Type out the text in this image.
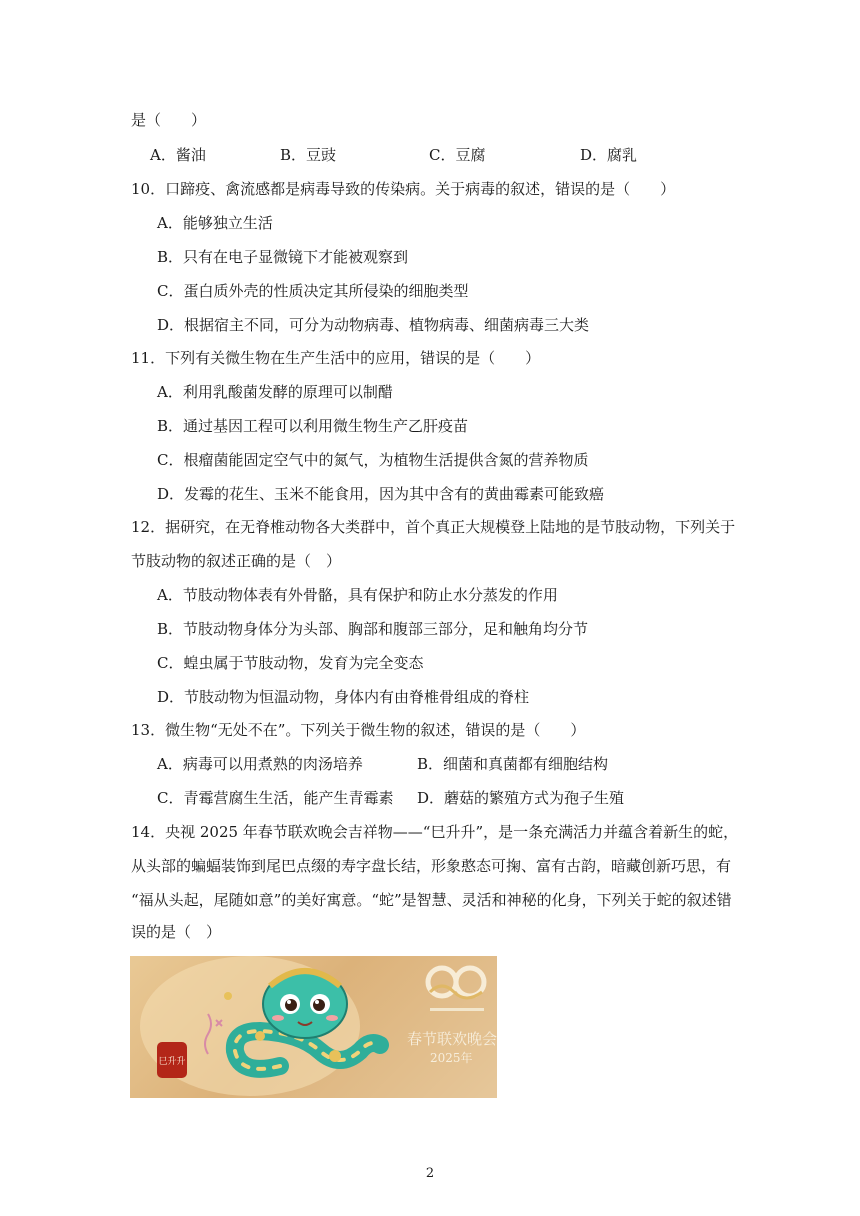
是（　　）
A．酱油	B．豆豉	C．豆腐	D．腐乳
10．口蹄疫、禽流感都是病毒导致的传染病。关于病毒的叙述，错误的是（　　）
A．能够独立生活
B．只有在电子显微镜下才能被观察到
C．蛋白质外壳的性质决定其所侵染的细胞类型
D．根据宿主不同，可分为动物病毒、植物病毒、细菌病毒三大类
11．下列有关微生物在生产生活中的应用，错误的是（　　）
A．利用乳酸菌发酵的原理可以制醋
B．通过基因工程可以利用微生物生产乙肝疫苗
C．根瘤菌能固定空气中的氮气，为植物生活提供含氮的营养物质
D．发霉的花生、玉米不能食用，因为其中含有的黄曲霉素可能致癌
12．据研究，在无脊椎动物各大类群中，首个真正大规模登上陆地的是节肢动物，下列关于
节肢动物的叙述正确的是（　）
A．节肢动物体表有外骨骼，具有保护和防止水分蒸发的作用
B．节肢动物身体分为头部、胸部和腹部三部分，足和触角均分节
C．蝗虫属于节肢动物，发育为完全变态
D．节肢动物为恒温动物，身体内有由脊椎骨组成的脊柱
13．微生物“无处不在”。下列关于微生物的叙述，错误的是（　　）
A．病毒可以用煮熟的肉汤培养	B．细菌和真菌都有细胞结构
C．青霉营腐生生活，能产生青霉素 D．蘑菇的繁殖方式为孢子生殖
14．央视 2025 年春节联欢晚会吉祥物——“巳升升”，是一条充满活力并蕴含着新生的蛇，
从头部的蝙蝠装饰到尾巴点缀的寿字盘长结，形象憨态可掬、富有古韵，暗藏创新巧思，有
“福从头起，尾随如意”的美好寓意。“蛇”是智慧、灵活和神秘的化身，下列关于蛇的叙述错
误的是（　）
春节联欢晚会
2025年
巳升升
2
